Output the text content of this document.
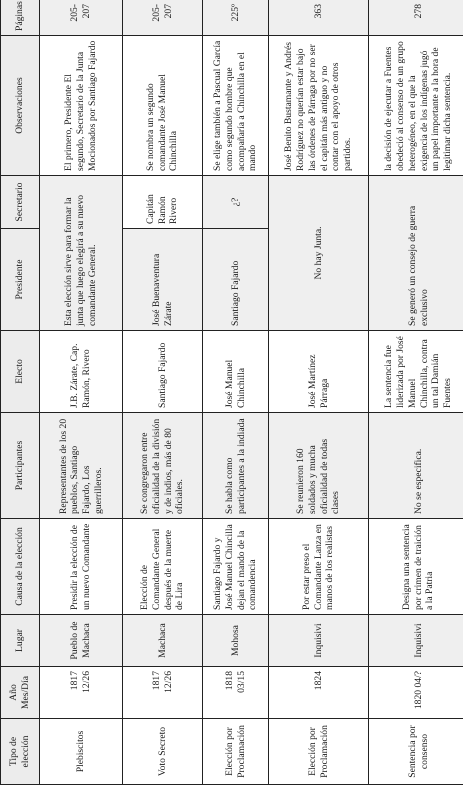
Tipo de elección	Año Mes/Día	Lugar	Causa de la elección	Participantes	Electo	Presidente	Secretario	Observaciones	Páginas
Plebiscitos	1817 12/26	Pueblo de Machaca	Presidir la elección de un nuevo Comandante	Representantes de los 20 pueblos, Santiago Fajardo, Los guerrilleros.	J.B. Zárate, Cap. Ramón, Rivero	Esta elección sirve para formar la junta que luego elegirá a su nuevo comandante General.		El primero, Presidente El segundo, Secretario de la Junta Mocionados por Santiago Fajardo	205-207
Voto Secreto	1817 12/26	Machaca	Elección de Comandante General después de la muerte de Lira	Se congregaron entre oficialidad de la división y de indios, más de 80 oficiales.	Santiago Fajardo	José Buenaventura Zárate	Capitán Ramón Rivero	Se nombra un segundo comandante José Manuel Chinchilla	205-207
Elección por Proclamación	1818 03/15	Mohosa	Santiago Fajardo y José Manuel Chincilla dejan el mando de la comandencia	Se habla como participantes a la indiada	José Manuel Chinchilla	Santiago Fajardo	¿?	Se elige también a Pascual García como segundo hombre que acompañaría a Chinchilla en el mando	225º
Elección por Proclamación	1824	Inquisivi	Por estar preso el Comandante Lanza en manos de los realistas	Se reunieron 160 soldados y mucha oficialidad de todas clases	José Martínez Párraga	No hay Junta.		José Benito Bustamante y Andrés Rodríguez no querían estar bajo las órdenes de Párraga por no ser el capitán más antiguo y no contar con el apoyo de otros partidos.	363
Sentencia por consenso	1820 04/?	Inquisivi	Designa una sentencia por crimen de traición a la Patria	No se especifica.	La sentencia fue liderizada por José Manuel Chinchilla, contra un tal Damián Fuentes	Se generó un consejo de guerra exclusivo		la decisión de ejecutar a Fuentes obedeció al consenso de un grupo heterogéneo, en el que la exigencia de los indígenas jugó un papel importante a la hora de legitimar dicha sentencia.	278
